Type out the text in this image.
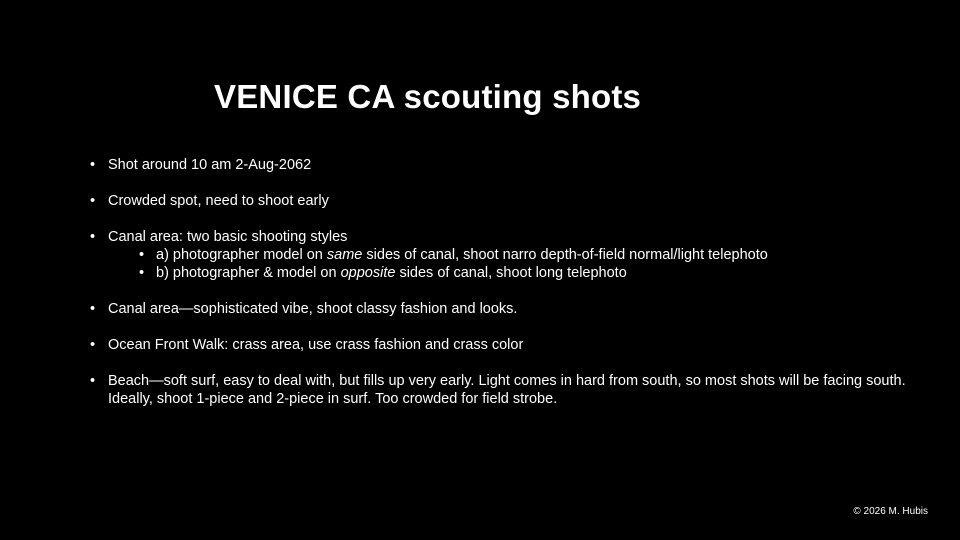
VENICE CA scouting shots
• Shot around 10 am 2-Aug-2062
• Crowded spot, need to shoot early
• Canal area: two basic shooting styles
• a) photographer model on same sides of canal, shoot narro depth-of-field normal/light telephoto
• b) photographer & model on opposite sides of canal, shoot long telephoto
• Canal area—sophisticated vibe, shoot classy fashion and looks.
• Ocean Front Walk: crass area, use crass fashion and crass color
• Beach—soft surf, easy to deal with, but fills up very early. Light comes in hard from south, so most shots will be facing south. Ideally, shoot 1-piece and 2-piece in surf. Too crowded for field strobe.
© 2026 M. Hubis
